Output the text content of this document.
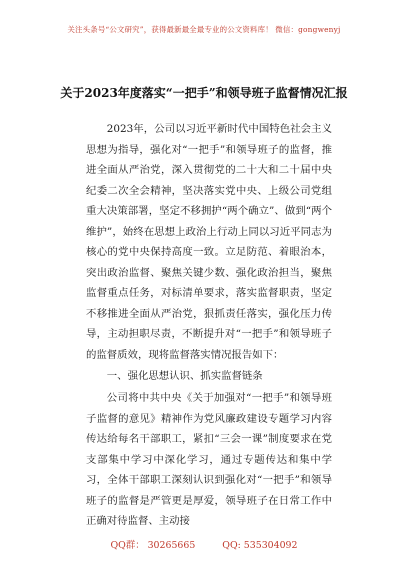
关注头条号“公文研究”，获得最新最全最专业的公文资料库！ 微信：gongwenyj
关于2023年度落实“一把手”和领导班子监督情况汇报

2023年，公司以习近平新时代中国特色社会主义思想为指导，强化对“一把手”和领导班子的监督，推进全面从严治党，深入贯彻党的二十大和二十届中央纪委二次全会精神，坚决落实党中央、上级公司党组重大决策部署，坚定不移拥护“两个确立”、做到“两个维护”，始终在思想上政治上行动上同以习近平同志为核心的党中央保持高度一致。立足防范、着眼治本，突出政治监督、聚焦关键少数、强化政治担当，聚焦监督重点任务，对标清单要求，落实监督职责，坚定不移推进全面从严治党，狠抓责任落实，强化压力传导，主动担职尽责，不断提升对“一把手”和领导班子的监督质效，现将监督落实情况报告如下：

一、强化思想认识、抓实监督链条

公司将中共中央《关于加强对“一把手”和领导班子监督的意见》精神作为党风廉政建设专题学习内容传达给每名干部职工，紧扣“三会一课”制度要求在党支部集中学习中深化学习，通过专题传达和集中学习，全体干部职工深刻认识到强化对“一把手”和领导班子的监督是严管更是厚爱，领导班子在日常工作中正确对待监督、主动接

QQ群： 30265665	QQ: 535304092
